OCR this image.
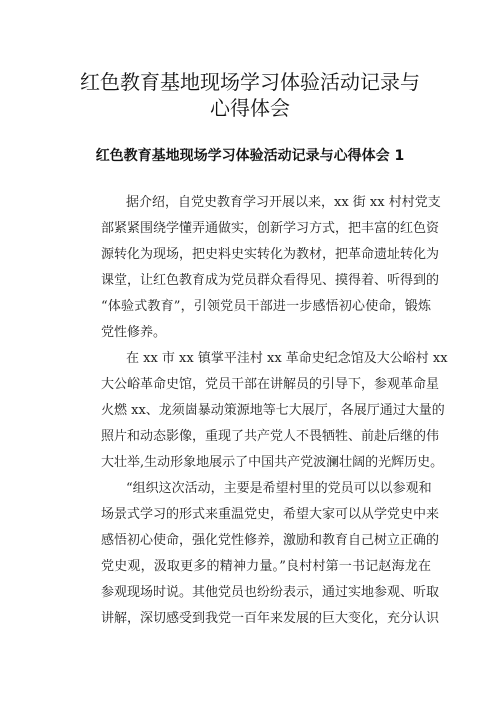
红色教育基地现场学习体验活动记录与
心得体会
红色教育基地现场学习体验活动记录与心得体会 1
据介绍，自党史教育学习开展以来，xx 街 xx 村村党支
部紧紧围绕学懂弄通做实，创新学习方式，把丰富的红色资
源转化为现场，把史料史实转化为教材，把革命遗址转化为
课堂，让红色教育成为党员群众看得见、摸得着、听得到的
“体验式教育”，引领党员干部进一步感悟初心使命，锻炼
党性修养。
在 xx 市 xx 镇掌平洼村 xx 革命史纪念馆及大公峪村 xx
大公峪革命史馆，党员干部在讲解员的引导下，参观革命星
火燃 xx、龙须崮暴动策源地等七大展厅，各展厅通过大量的
照片和动态影像，重现了共产党人不畏牺牲、前赴后继的伟
大壮举,生动形象地展示了中国共产党波澜壮阔的光辉历史。
“组织这次活动，主要是希望村里的党员可以以参观和
场景式学习的形式来重温党史，希望大家可以从学党史中来
感悟初心使命，强化党性修养，激励和教育自己树立正确的
党史观，汲取更多的精神力量。”良村村第一书记赵海龙在
参观现场时说。其他党员也纷纷表示，通过实地参观、听取
讲解，深切感受到我党一百年来发展的巨大变化，充分认识
